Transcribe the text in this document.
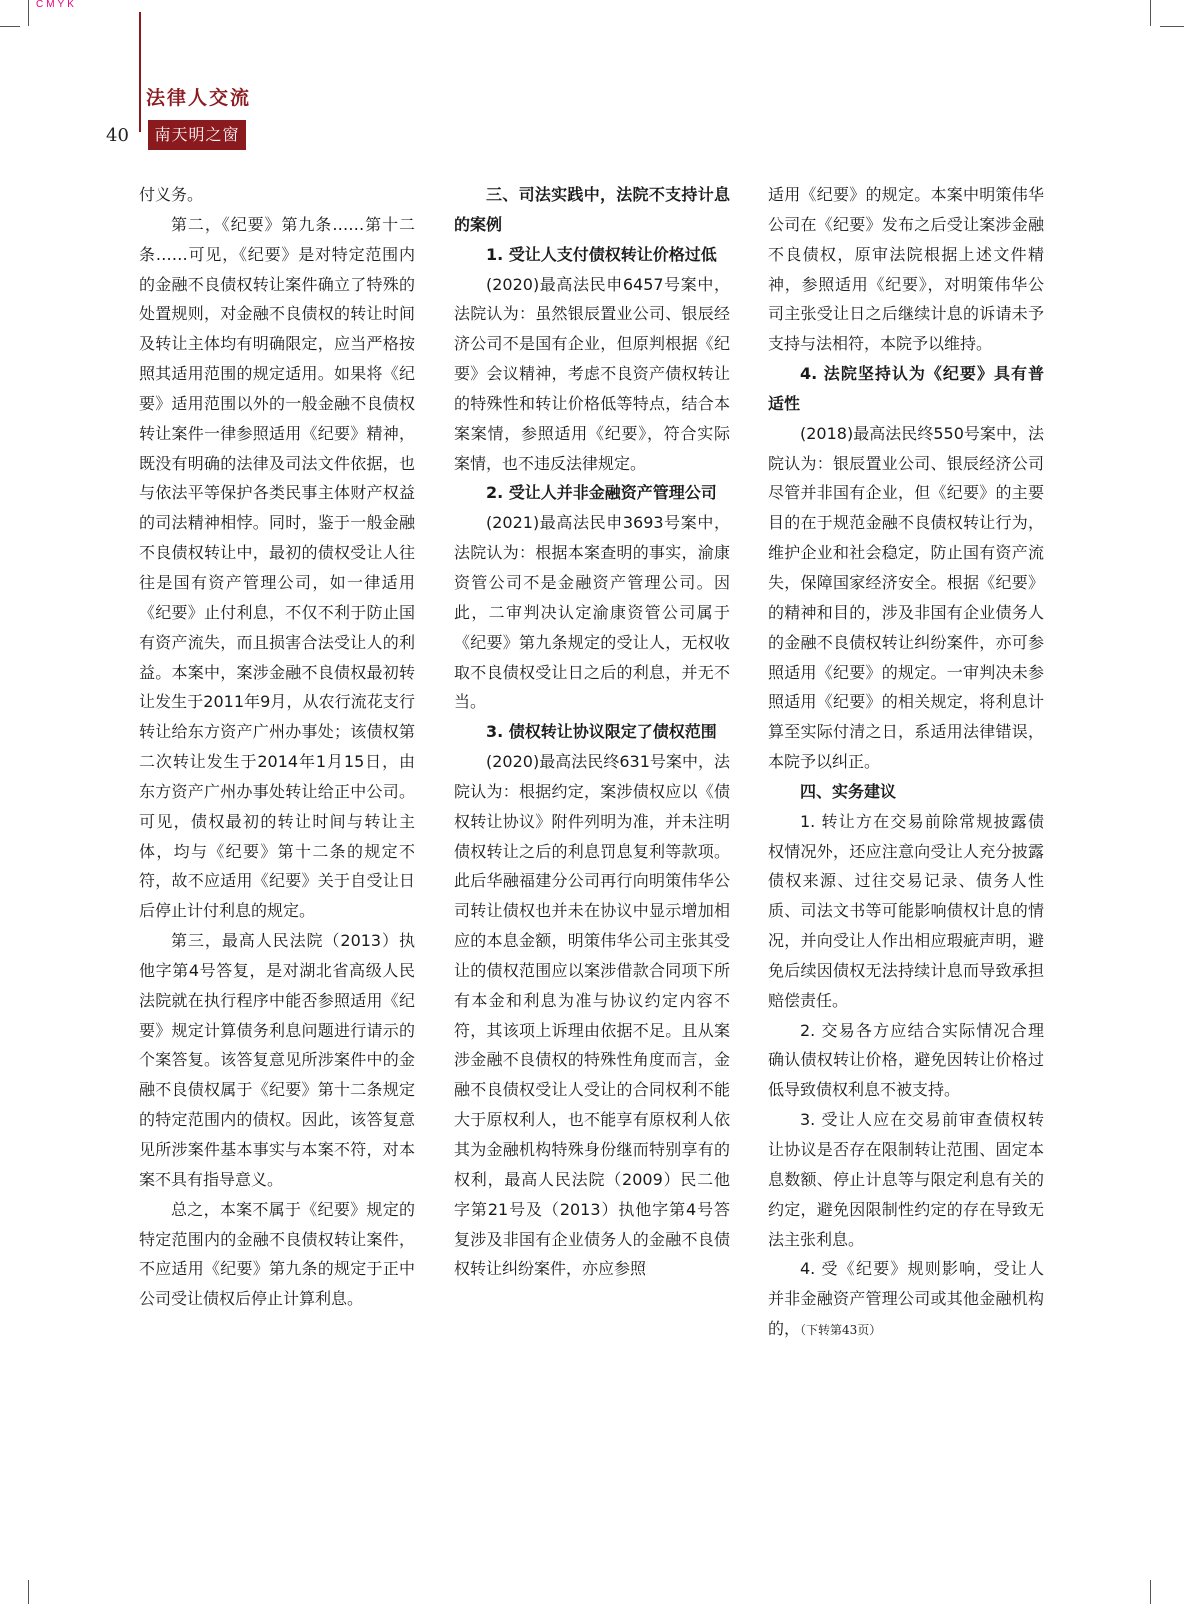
CMYK
法律人交流
40	南天明之窗

付义务。

第二，《纪要》第九条……第十二条……可见，《纪要》是对特定范围内的金融不良债权转让案件确立了特殊的处置规则，对金融不良债权的转让时间及转让主体均有明确限定，应当严格按照其适用范围的规定适用。如果将《纪要》适用范围以外的一般金融不良债权转让案件一律参照适用《纪要》精神，既没有明确的法律及司法文件依据，也与依法平等保护各类民事主体财产权益的司法精神相悖。同时，鉴于一般金融不良债权转让中，最初的债权受让人往往是国有资产管理公司，如一律适用《纪要》止付利息，不仅不利于防止国有资产流失，而且损害合法受让人的利益。本案中，案涉金融不良债权最初转让发生于2011年9月，从农行流花支行转让给东方资产广州办事处；该债权第二次转让发生于2014年1月15日，由东方资产广州办事处转让给正中公司。可见，债权最初的转让时间与转让主体，均与《纪要》第十二条的规定不符，故不应适用《纪要》关于自受让日后停止计付利息的规定。

第三，最高人民法院（2013）执他字第4号答复，是对湖北省高级人民法院就在执行程序中能否参照适用《纪要》规定计算债务利息问题进行请示的个案答复。该答复意见所涉案件中的金融不良债权属于《纪要》第十二条规定的特定范围内的债权。因此，该答复意见所涉案件基本事实与本案不符，对本案不具有指导意义。

总之，本案不属于《纪要》规定的特定范围内的金融不良债权转让案件，不应适用《纪要》第九条的规定于正中公司受让债权后停止计算利息。

三、司法实践中，法院不支持计息的案例
1. 受让人支付债权转让价格过低

(2020)最高法民申6457号案中，法院认为：虽然银辰置业公司、银辰经济公司不是国有企业，但原判根据《纪要》会议精神，考虑不良资产债权转让的特殊性和转让价格低等特点，结合本案案情，参照适用《纪要》，符合实际案情，也不违反法律规定。

2. 受让人并非金融资产管理公司

(2021)最高法民申3693号案中，法院认为：根据本案查明的事实，渝康资管公司不是金融资产管理公司。因此，二审判决认定渝康资管公司属于《纪要》第九条规定的受让人，无权收取不良债权受让日之后的利息，并无不当。

3. 债权转让协议限定了债权范围

(2020)最高法民终631号案中，法院认为：根据约定，案涉债权应以《债权转让协议》附件列明为准，并未注明债权转让之后的利息罚息复利等款项。此后华融福建分公司再行向明策伟华公司转让债权也并未在协议中显示增加相应的本息金额，明策伟华公司主张其受让的债权范围应以案涉借款合同项下所有本金和利息为准与协议约定内容不符，其该项上诉理由依据不足。且从案涉金融不良债权的特殊性角度而言，金融不良债权受让人受让的合同权利不能大于原权利人，也不能享有原权利人依其为金融机构特殊身份继而特别享有的权利，最高人民法院（2009）民二他字第21号及（2013）执他字第4号答复涉及非国有企业债务人的金融不良债权转让纠纷案件，亦应参照

适用《纪要》的规定。本案中明策伟华公司在《纪要》发布之后受让案涉金融不良债权，原审法院根据上述文件精神，参照适用《纪要》，对明策伟华公司主张受让日之后继续计息的诉请未予支持与法相符，本院予以维持。

4. 法院坚持认为《纪要》具有普适性

(2018)最高法民终550号案中，法院认为：银辰置业公司、银辰经济公司尽管并非国有企业，但《纪要》的主要目的在于规范金融不良债权转让行为，维护企业和社会稳定，防止国有资产流失，保障国家经济安全。根据《纪要》的精神和目的，涉及非国有企业债务人的金融不良债权转让纠纷案件，亦可参照适用《纪要》的规定。一审判决未参照适用《纪要》的相关规定，将利息计算至实际付清之日，系适用法律错误，本院予以纠正。

四、实务建议

1. 转让方在交易前除常规披露债权情况外，还应注意向受让人充分披露债权来源、过往交易记录、债务人性质、司法文书等可能影响债权计息的情况，并向受让人作出相应瑕疵声明，避免后续因债权无法持续计息而导致承担赔偿责任。

2. 交易各方应结合实际情况合理确认债权转让价格，避免因转让价格过低导致债权利息不被支持。

3. 受让人应在交易前审查债权转让协议是否存在限制转让范围、固定本息数额、停止计息等与限定利息有关的约定，避免因限制性约定的存在导致无法主张利息。

4. 受《纪要》规则影响，受让人并非金融资产管理公司或其他金融机构的，（下转第43页）
